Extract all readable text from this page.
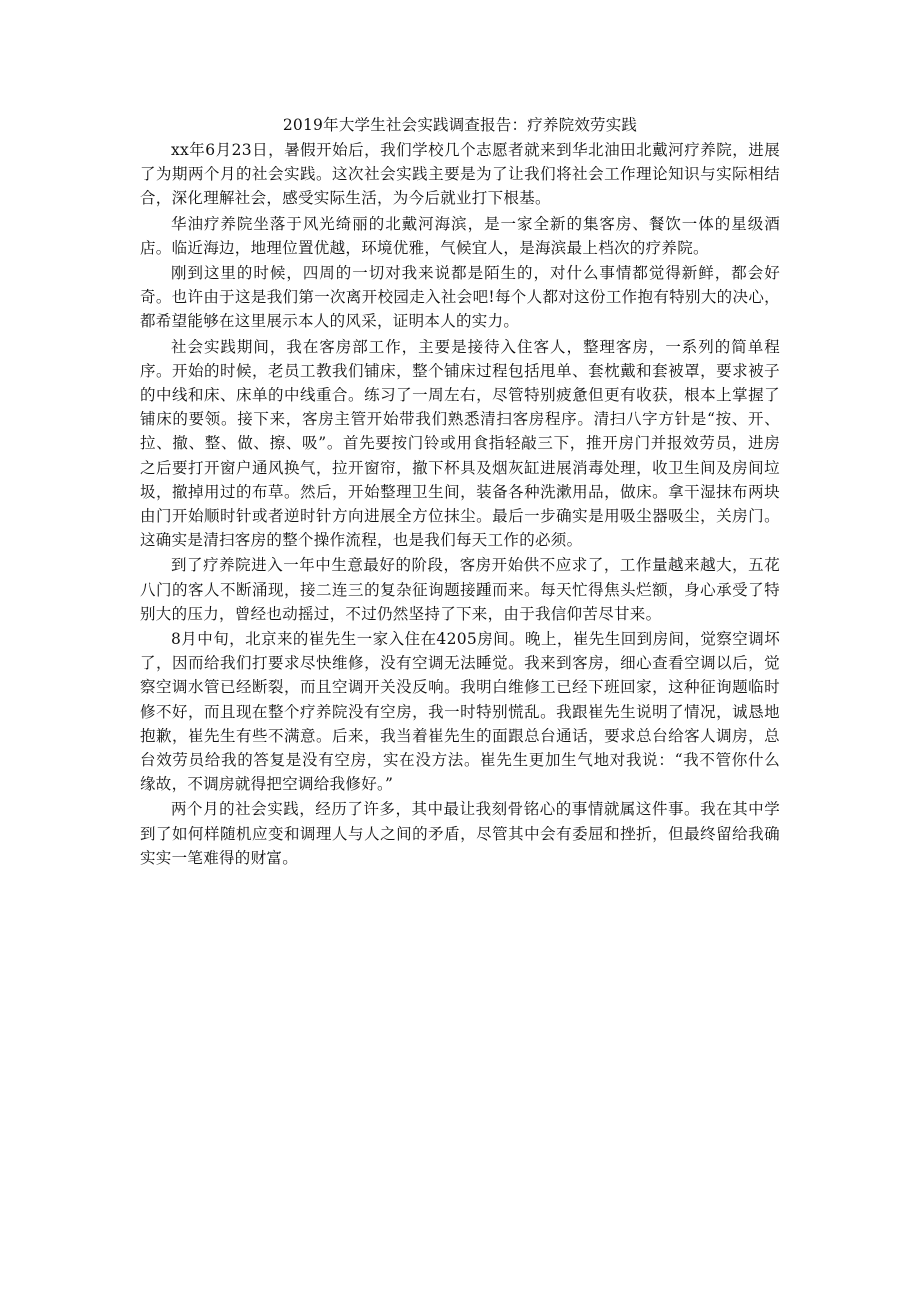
2019年大学生社会实践调查报告：疗养院效劳实践

xx年6月23日，暑假开始后，我们学校几个志愿者就来到华北油田北戴河疗养院，进展了为期两个月的社会实践。这次社会实践主要是为了让我们将社会工作理论知识与实际相结合，深化理解社会，感受实际生活，为今后就业打下根基。

华油疗养院坐落于风光绮丽的北戴河海滨，是一家全新的集客房、餐饮一体的星级酒店。临近海边，地理位置优越，环境优雅，气候宜人，是海滨最上档次的疗养院。

刚到这里的时候，四周的一切对我来说都是陌生的，对什么事情都觉得新鲜，都会好奇。也许由于这是我们第一次离开校园走入社会吧!每个人都对这份工作抱有特别大的决心，都希望能够在这里展示本人的风采，证明本人的实力。

社会实践期间，我在客房部工作，主要是接待入住客人，整理客房，一系列的简单程序。开始的时候，老员工教我们铺床，整个铺床过程包括甩单、套枕戴和套被罩，要求被子的中线和床、床单的中线重合。练习了一周左右，尽管特别疲惫但更有收获，根本上掌握了铺床的要领。接下来，客房主管开始带我们熟悉清扫客房程序。清扫八字方针是“按、开、拉、撤、整、做、擦、吸”。首先要按门铃或用食指轻敲三下，推开房门并报效劳员，进房之后要打开窗户通风换气，拉开窗帘，撤下杯具及烟灰缸进展消毒处理，收卫生间及房间垃圾，撤掉用过的布草。然后，开始整理卫生间，装备各种洗漱用品，做床。拿干湿抹布两块由门开始顺时针或者逆时针方向进展全方位抹尘。最后一步确实是用吸尘器吸尘，关房门。这确实是清扫客房的整个操作流程，也是我们每天工作的必须。

到了疗养院进入一年中生意最好的阶段，客房开始供不应求了，工作量越来越大，五花八门的客人不断涌现，接二连三的复杂征询题接踵而来。每天忙得焦头烂额，身心承受了特别大的压力，曾经也动摇过，不过仍然坚持了下来，由于我信仰苦尽甘来。

8月中旬，北京来的崔先生一家入住在4205房间。晚上，崔先生回到房间，觉察空调坏了，因而给我们打要求尽快维修，没有空调无法睡觉。我来到客房，细心查看空调以后，觉察空调水管已经断裂，而且空调开关没反响。我明白维修工已经下班回家，这种征询题临时修不好，而且现在整个疗养院没有空房，我一时特别慌乱。我跟崔先生说明了情况，诚恳地抱歉，崔先生有些不满意。后来，我当着崔先生的面跟总台通话，要求总台给客人调房，总台效劳员给我的答复是没有空房，实在没方法。崔先生更加生气地对我说：“我不管你什么缘故，不调房就得把空调给我修好。”

两个月的社会实践，经历了许多，其中最让我刻骨铭心的事情就属这件事。我在其中学到了如何样随机应变和调理人与人之间的矛盾，尽管其中会有委屈和挫折，但最终留给我确实实一笔难得的财富。
